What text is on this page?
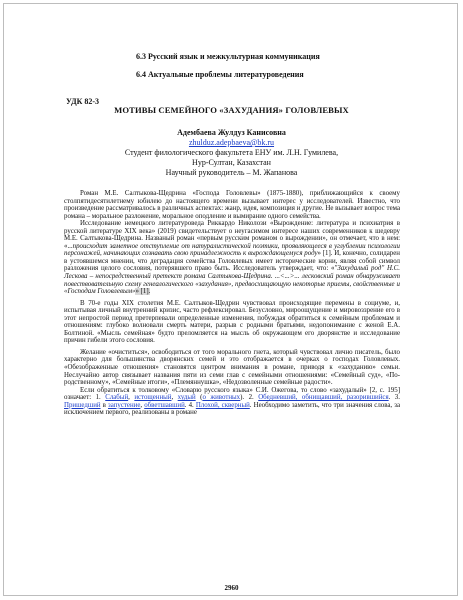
6.3 Русский язык и межкультурная коммуникация
6.4 Актуальные проблемы литературоведения
УДК 82-3
МОТИВЫ СЕМЕЙНОГО «ЗАХУДАНИЯ» ГОЛОВЛЕВЫХ
Адембаева Жулдуз Канисовна
zhulduz.adepbaeva@bk.ru
Студент филологического факультета ЕНУ им. Л.Н. Гумилева,
Нур-Султан, Казахстан
Научный руководитель – М. Жапанова

Роман М.Е. Салтыкова-Щедрина «Господа Головлевы» (1875-1880), приближающийся к своему столпятидесятилетнему юбилею до настоящего времени вызывает интерес у исследователей. Известно, что произведение рассматривалось в различных аспектах: жанр, идея, композиция и другие. Не вызывает вопрос тема романа – моральное разложение, моральное оподление и вымирание одного семейства.

Исследование немецкого литературоведа Риккардо Николози «Вырождение: литература и психиатрия в русской литературе XIX века» (2019) свидетельствует о неугасимом интересе наших современников к шедевру М.Е. Салтыкова-Щедрина. Названый роман «первым русским романом о вырождении», он отмечает, что в нем: «...происходит заметное отступление от натуралистической поэтики, проявляющееся в углублении психологии персонажей, начинающих сознавать свою принадлежность к вырождающемуся роду» [1]. И, конечно, солидарен в устоявшемся мнении, что деградация семейства Головлевых имеет исторические корни, являя собой символ разложения целого сословия, потерявшего право быть. Исследователь утверждает, что: «"Захудалый род" Н.С. Лескова – непосредственный претекст романа Салтыкова-Щедрина. ...<...>... лесковский роман обнаруживает повествовательную схему генеалогического «захудания», предвосхищающую некоторые приемы, свойственные и «Господам Головлевым»» [1].

В 70-е годы XIX столетия М.Е. Салтыков-Щедрин чувствовал происходящие перемены в социуме, и, испытывая личный внутренний кризис, часто рефлексировал. Безусловно, мироощущение и мировоззрение его в этот непростой период претерпевали определенные изменения, побуждая обратиться к семейным проблемам и отношениям: глубоко волновали смерть матери, разрыв с родными братьями, недопонимание с женой Е.А. Болтиной. «Мысль семейная» будто преломляется на мысль об окружающем его дворянстве и исследование причин гибели этого сословия.

Желание «очиститься», освободиться от того морального гнета, который чувствовал лично писатель, было характерно для большинства дворянских семей и это отображается в очерках о господах Головлевых. «Обезображенные отношения» становятся центром внимания в романе, приводя к «захуданию» семьи. Неслучайно автор связывает названия пяти из семи глав с семейными отношениями: «Семейный суд», «По-родственному», «Семейные итоги», «Племяннушка», «Недозволенные семейные радости».

Если обратиться к толковому «Словарю русского языка» С.И. Ожегова, то слово «захудалый» [2, с. 195] означает: 1. Слабый, истощенный, худый (о животных). 2. Обедневший, обнищавший, разорившийся. 3. Пришедший в запустение, обветшавший. 4. Плохой, скверный. Необходимо заметить, что три значения слова, за исключением первого, реализованы в романе

2960
